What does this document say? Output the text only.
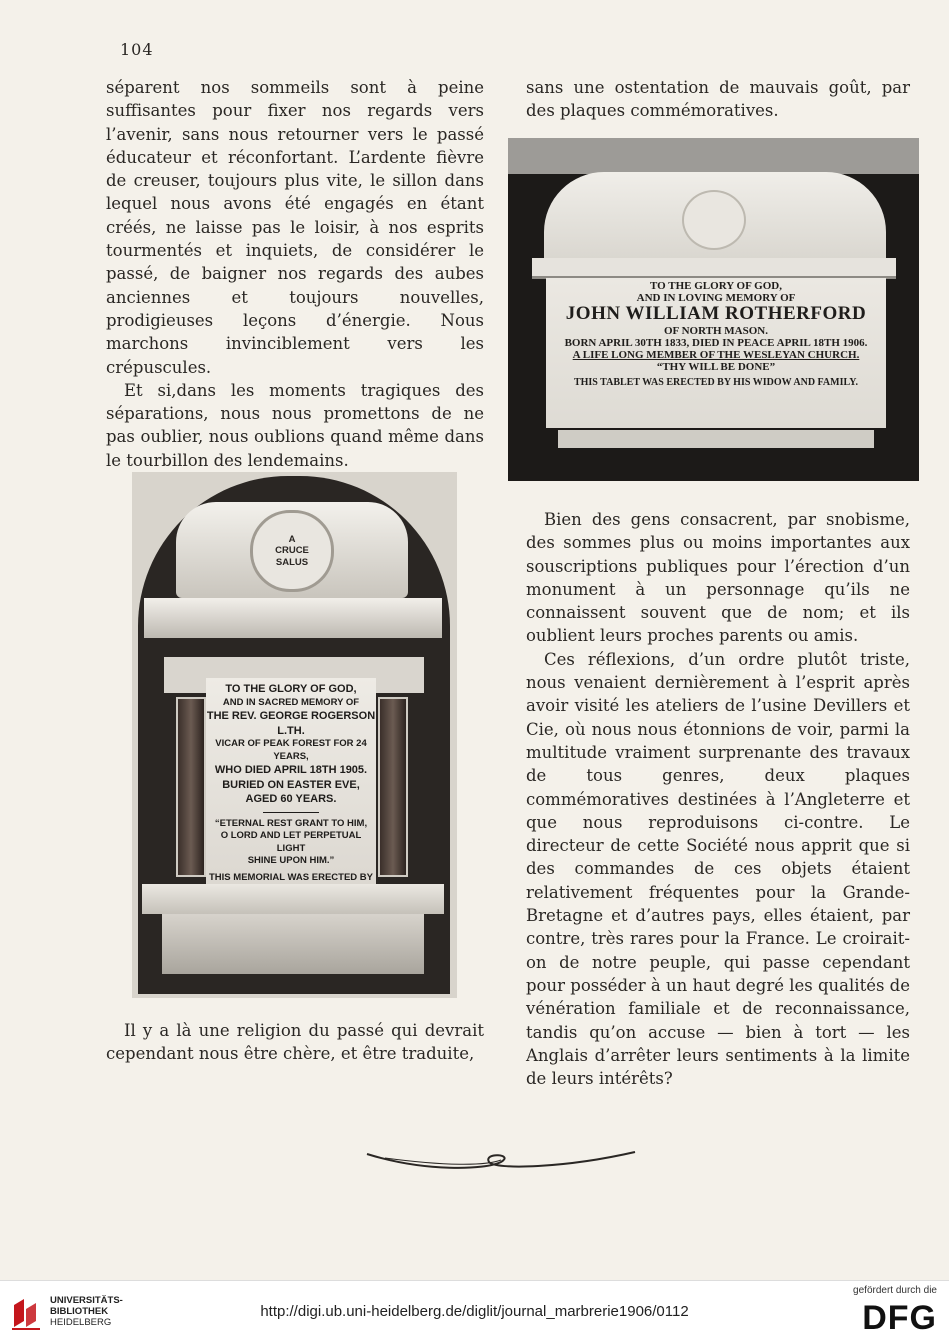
104

séparent nos sommeils sont à peine suffisantes pour fixer nos regards vers l’avenir, sans nous retourner vers le passé éducateur et réconfortant. L’ardente fièvre de creuser, toujours plus vite, le sillon dans lequel nous avons été engagés en étant créés, ne laisse pas le loisir, à nos esprits tourmentés et inquiets, de considérer le passé, de baigner nos regards des aubes anciennes et toujours nouvelles, prodigieuses leçons d’énergie. Nous marchons invinciblement vers les crépuscules.

Et si,dans les moments tragiques des séparations, nous nous promettons de ne pas oublier, nous oublions quand même dans le tourbillon des lendemains.

sans une ostentation de mauvais goût, par des plaques commémoratives.

TO THE GLORY OF GOD,
AND IN LOVING MEMORY OF
JOHN WILLIAM ROTHERFORD
OF NORTH MASON.
BORN APRIL 30TH 1833, DIED IN PEACE APRIL 18TH 1906.
A LIFE LONG MEMBER OF THE WESLEYAN CHURCH.
“THY WILL BE DONE”
THIS TABLET WAS ERECTED BY HIS WIDOW AND FAMILY.
A
CRUCE
SALUS
TO THE GLORY OF GOD,
AND IN SACRED MEMORY OF
THE REV. GEORGE ROGERSON L.TH.
VICAR OF PEAK FOREST FOR 24 YEARS,
WHO DIED APRIL 18TH 1905.
BURIED ON EASTER EVE,
AGED 60 YEARS.
“ETERNAL REST GRANT TO HIM,
O LORD AND LET PERPETUAL LIGHT
SHINE UPON HIM.”
THIS MEMORIAL WAS ERECTED BY

Bien des gens consacrent, par snobisme, des sommes plus ou moins importantes aux souscriptions publiques pour l’érection d’un monument à un personnage qu’ils ne connaissent souvent que de nom; et ils oublient leurs proches parents ou amis.

Ces réflexions, d’un ordre plutôt triste, nous venaient dernièrement à l’esprit après avoir visité les ateliers de l’usine Devillers et Cie, où nous nous étonnions de voir, parmi la multitude vraiment surprenante des travaux de tous genres, deux plaques commémoratives destinées à l’Angleterre et que nous reproduisons ci-contre. Le directeur de cette Société nous apprit que si des commandes de ces objets étaient relativement fréquentes pour la Grande-Bretagne et d’autres pays, elles étaient, par contre, très rares pour la France. Le croirait-on de notre peuple, qui passe cependant pour posséder à un haut degré les qualités de vénération familiale et de reconnaissance, tandis qu’on accuse — bien à tort — les Anglais d’arrêter leurs sentiments à la limite de leurs intérêts?

Il y a là une religion du passé qui devrait cependant nous être chère, et être traduite,

UNIVERSITÄTS-
BIBLIOTHEK
HEIDELBERG
http://digi.ub.uni-heidelberg.de/diglit/journal_marbrerie1906/0112
gefördert durch die
DFG
